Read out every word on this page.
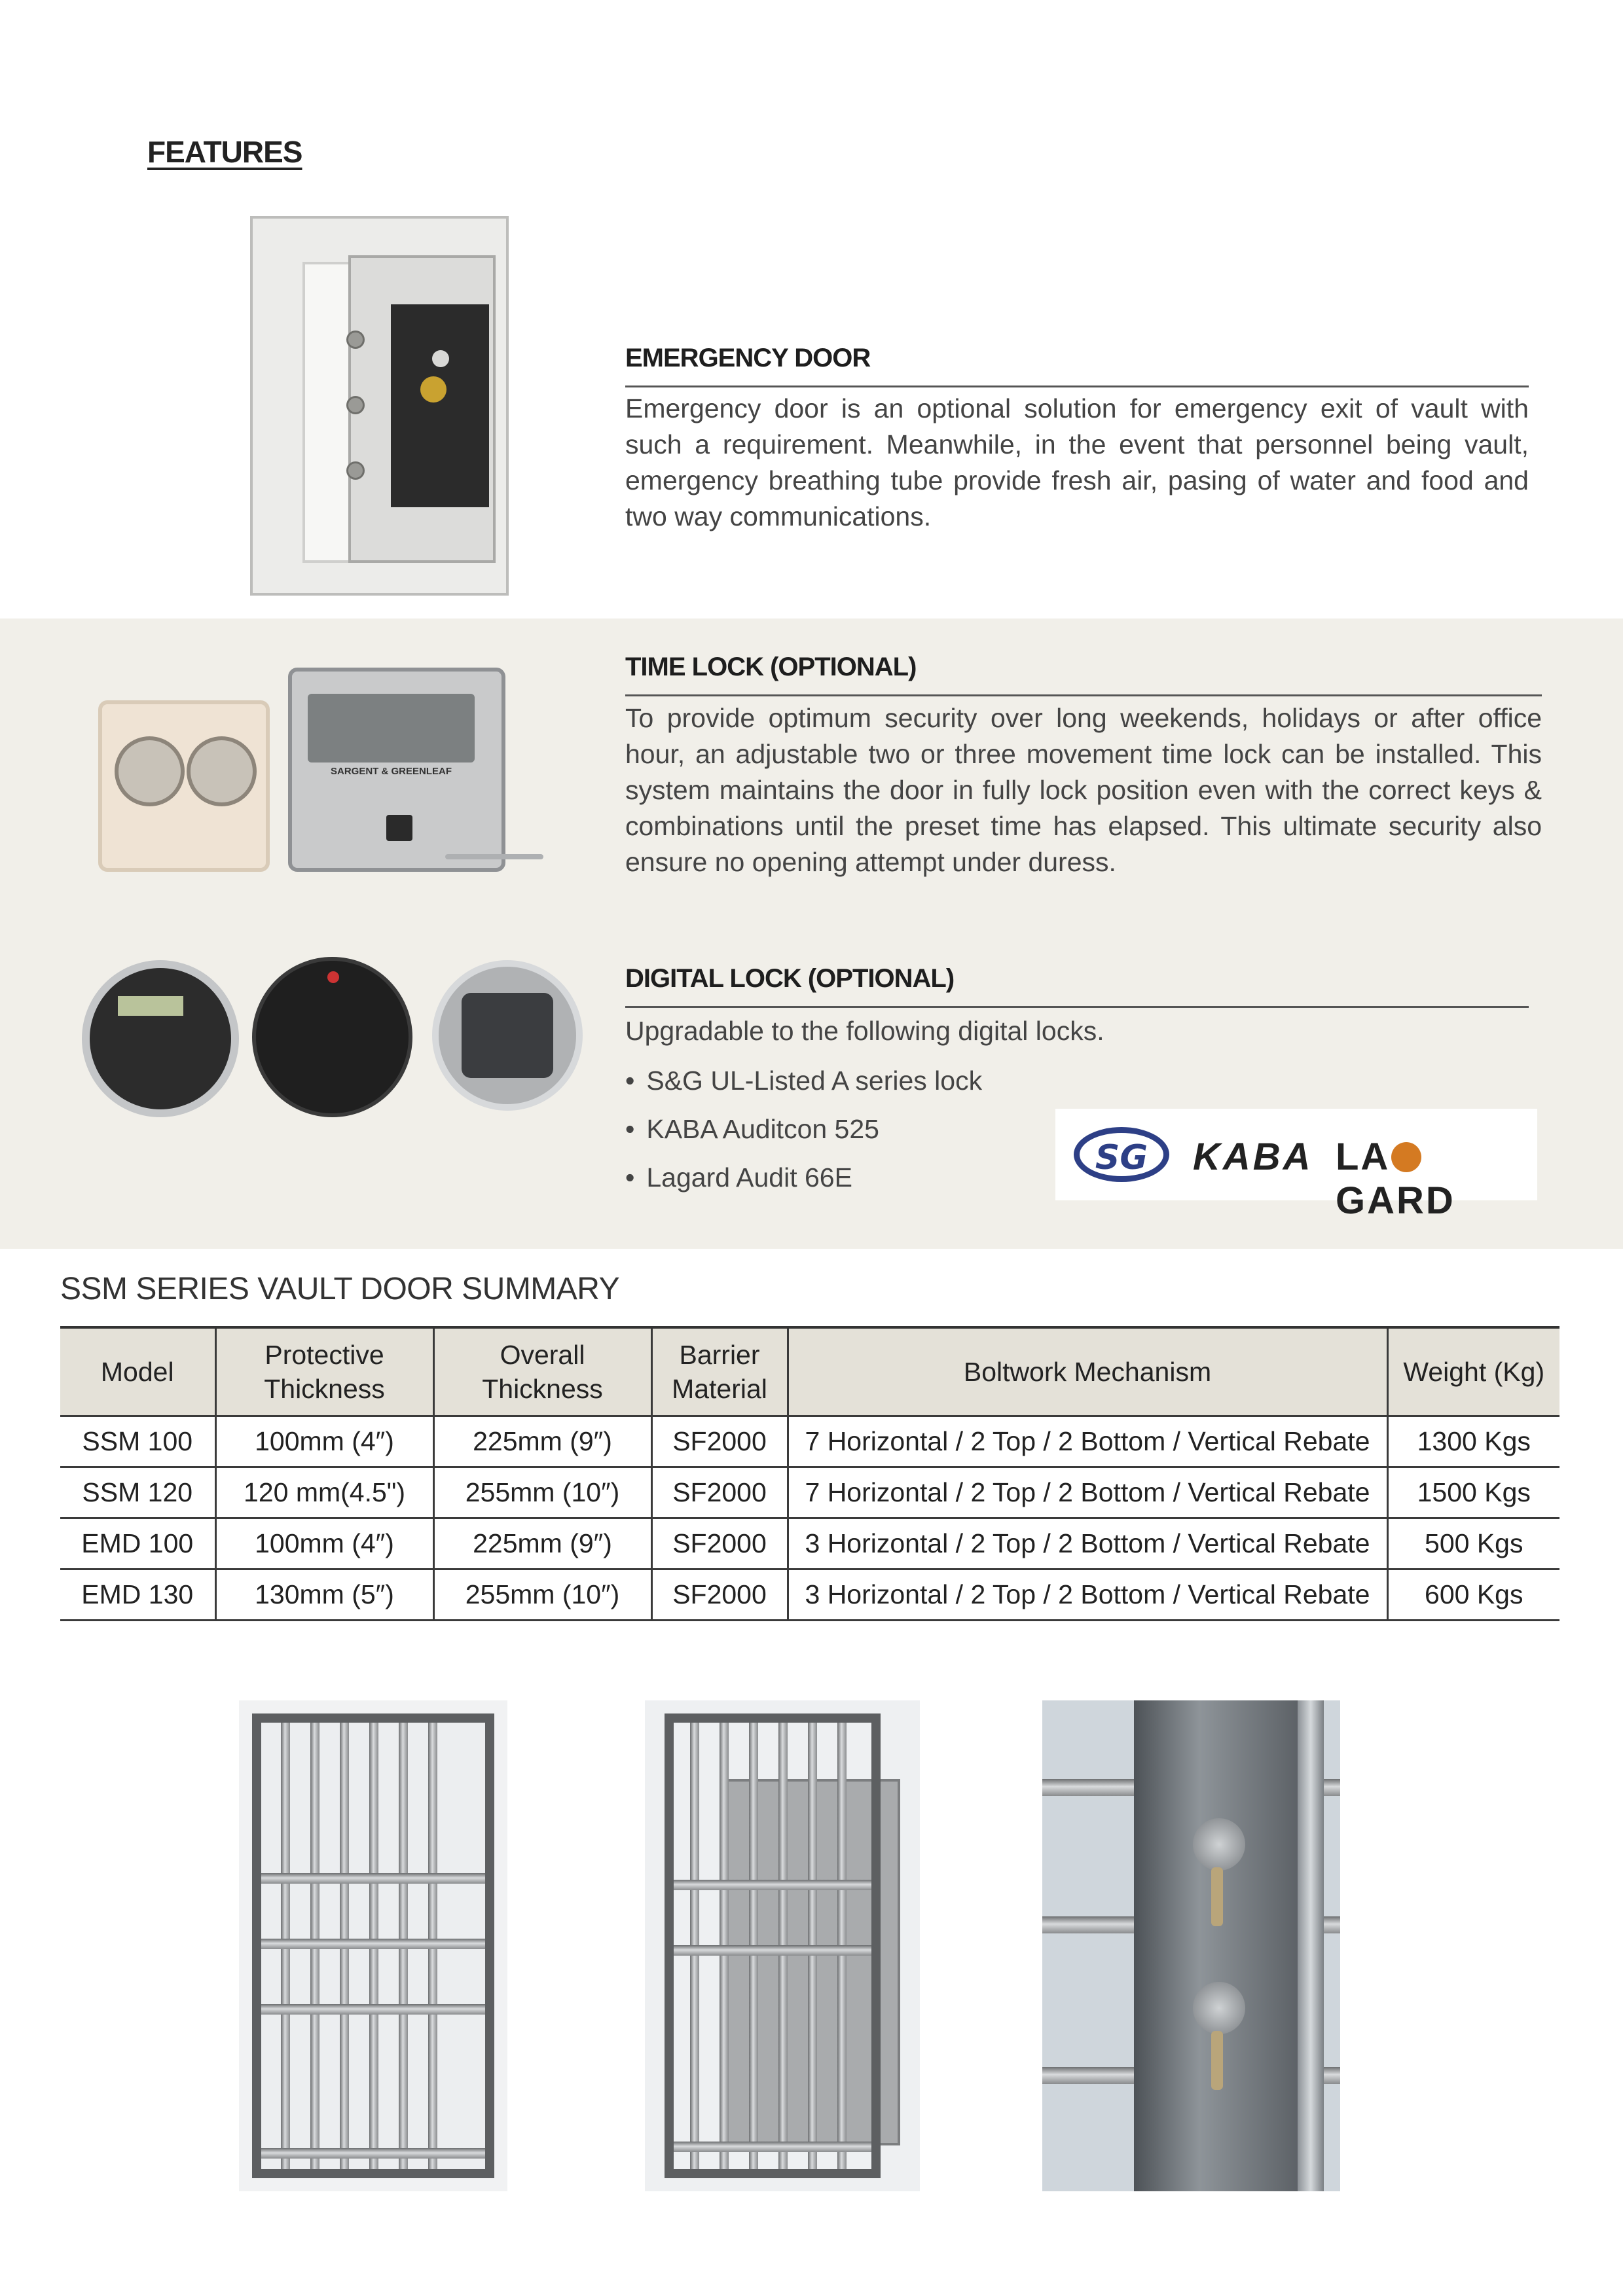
FEATURES
EMERGENCY DOOR
Emergency door is an optional solution for emergency exit of vault with such a requirement. Meanwhile, in the event that personnel being vault, emergency breathing tube provide fresh air, pasing of water and food and two way communications.
SARGENT & GREENLEAF
TIME LOCK (OPTIONAL)
To provide optimum security over long weekends, holidays or after office hour, an adjustable two or three movement time lock can be installed. This system maintains the door in fully lock position even with the correct keys & combinations until the preset time has elapsed. This ultimate security also ensure no opening attempt under duress.
DIGITAL LOCK (OPTIONAL)
Upgradable to the following digital locks.
• S&G UL-Listed A series lock
• KABA Auditcon 525
• Lagard Audit 66E	SG	KABA LAGARD
SSM SERIES VAULT DOOR SUMMARY
Model	Protective Thickness	Overall Thickness	Barrier Material	Boltwork Mechanism	Weight (Kg)
SSM 100	100mm (4″)	225mm (9″)	SF2000	7 Horizontal / 2 Top / 2 Bottom / Vertical Rebate	1300 Kgs
SSM 120	120 mm(4.5")	255mm (10″)	SF2000	7 Horizontal / 2 Top / 2 Bottom / Vertical Rebate	1500 Kgs
EMD 100	100mm (4″)	225mm (9″)	SF2000	3 Horizontal / 2 Top / 2 Bottom / Vertical Rebate	500 Kgs
EMD 130	130mm (5″)	255mm (10″)	SF2000	3 Horizontal / 2 Top / 2 Bottom / Vertical Rebate	600 Kgs
